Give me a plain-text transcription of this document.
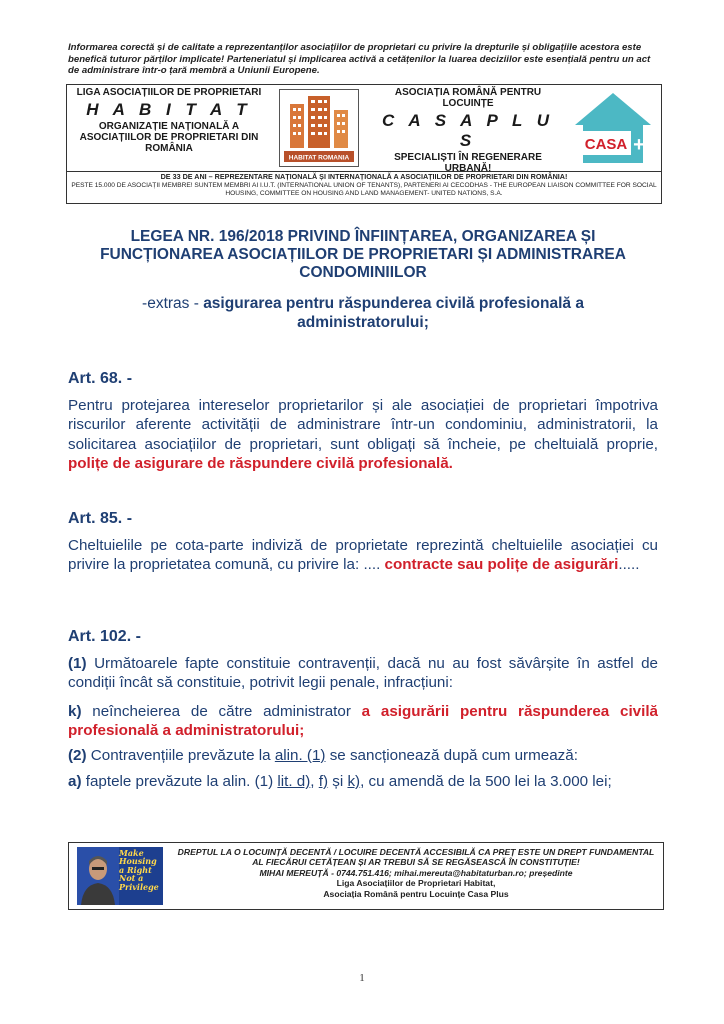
Informarea corectă și de calitate a reprezentanților asociațiilor de proprietari cu privire la drepturile și obligațiile acestora este benefică tuturor părților implicate! Parteneriatul și implicarea activă a cetățenilor la luarea deciziilor este esențială pentru un act de administrare într-o țară membră a Uniunii Europene.
LIGA ASOCIAȚIILOR DE PROPRIETARI
H A B I T A T
ORGANIZAȚIE NAȚIONALĂ A ASOCIAȚIILOR DE PROPRIETARI DIN ROMÂNIA
HABITAT ROMANIA
ASOCIAȚIA ROMÂNĂ PENTRU LOCUINȚE
C A S A P L U S
SPECIALIȘTI ÎN REGENERARE URBANĂ!
CASA +
DE 33 DE ANI – REPREZENTARE NAȚIONALĂ ȘI INTERNAȚIONALĂ A ASOCIAȚIILOR DE PROPRIETARI DIN ROMÂNIA!
PESTE 15.000 DE ASOCIAȚII MEMBRE! SUNTEM MEMBRI AI I.U.T. (INTERNATIONAL UNION OF TENANTS), PARTENERI AI CECODHAS - THE EUROPEAN LIAISON COMMITTEE FOR SOCIAL HOUSING, COMMITTEE ON HOUSING AND LAND MANAGEMENT- UNITED NATIONS, S.A.
LEGEA NR. 196/2018 PRIVIND ÎNFIINȚAREA, ORGANIZAREA ȘI FUNCȚIONAREA ASOCIAȚIILOR DE PROPRIETARI ȘI ADMINISTRAREA CONDOMINIILOR
-extras - asigurarea pentru răspunderea civilă profesională a administratorului;
Art. 68. -
Pentru protejarea intereselor proprietarilor și ale asociației de proprietari împotriva riscurilor aferente activității de administrare într-un condominiu, administratorii, la solicitarea asociațiilor de proprietari, sunt obligați să încheie, pe cheltuială proprie, polițe de asigurare de răspundere civilă profesională.
Art. 85. -
Cheltuielile pe cota-parte indiviză de proprietate reprezintă cheltuielile asociației cu privire la proprietatea comună, cu privire la: .... contracte sau polițe de asigurări.....
Art. 102. -
(1) Următoarele fapte constituie contravenții, dacă nu au fost săvârșite în astfel de condiții încât să constituie, potrivit legii penale, infracțiuni:
k) neîncheierea de către administrator a asigurării pentru răspunderea civilă profesională a administratorului;
(2) Contravențiile prevăzute la alin. (1) se sancționează după cum urmează:
a) faptele prevăzute la alin. (1) lit. d), f) și k), cu amendă de la 500 lei la 3.000 lei;
Make Housing a Right Not a Privilege
DREPTUL LA O LOCUINȚĂ DECENTĂ / LOCUIRE DECENTĂ ACCESIBILĂ CA PREȚ ESTE UN DREPT FUNDAMENTAL AL FIECĂRUI CETĂȚEAN ȘI AR TREBUI SĂ SE REGĂSEASCĂ ÎN CONSTITUȚIE!
MIHAI MEREUȚĂ - 0744.751.416; mihai.mereuta@habitaturban.ro; președinte
Liga Asociațiilor de Proprietari Habitat,
Asociația Română pentru Locuințe Casa Plus
1
